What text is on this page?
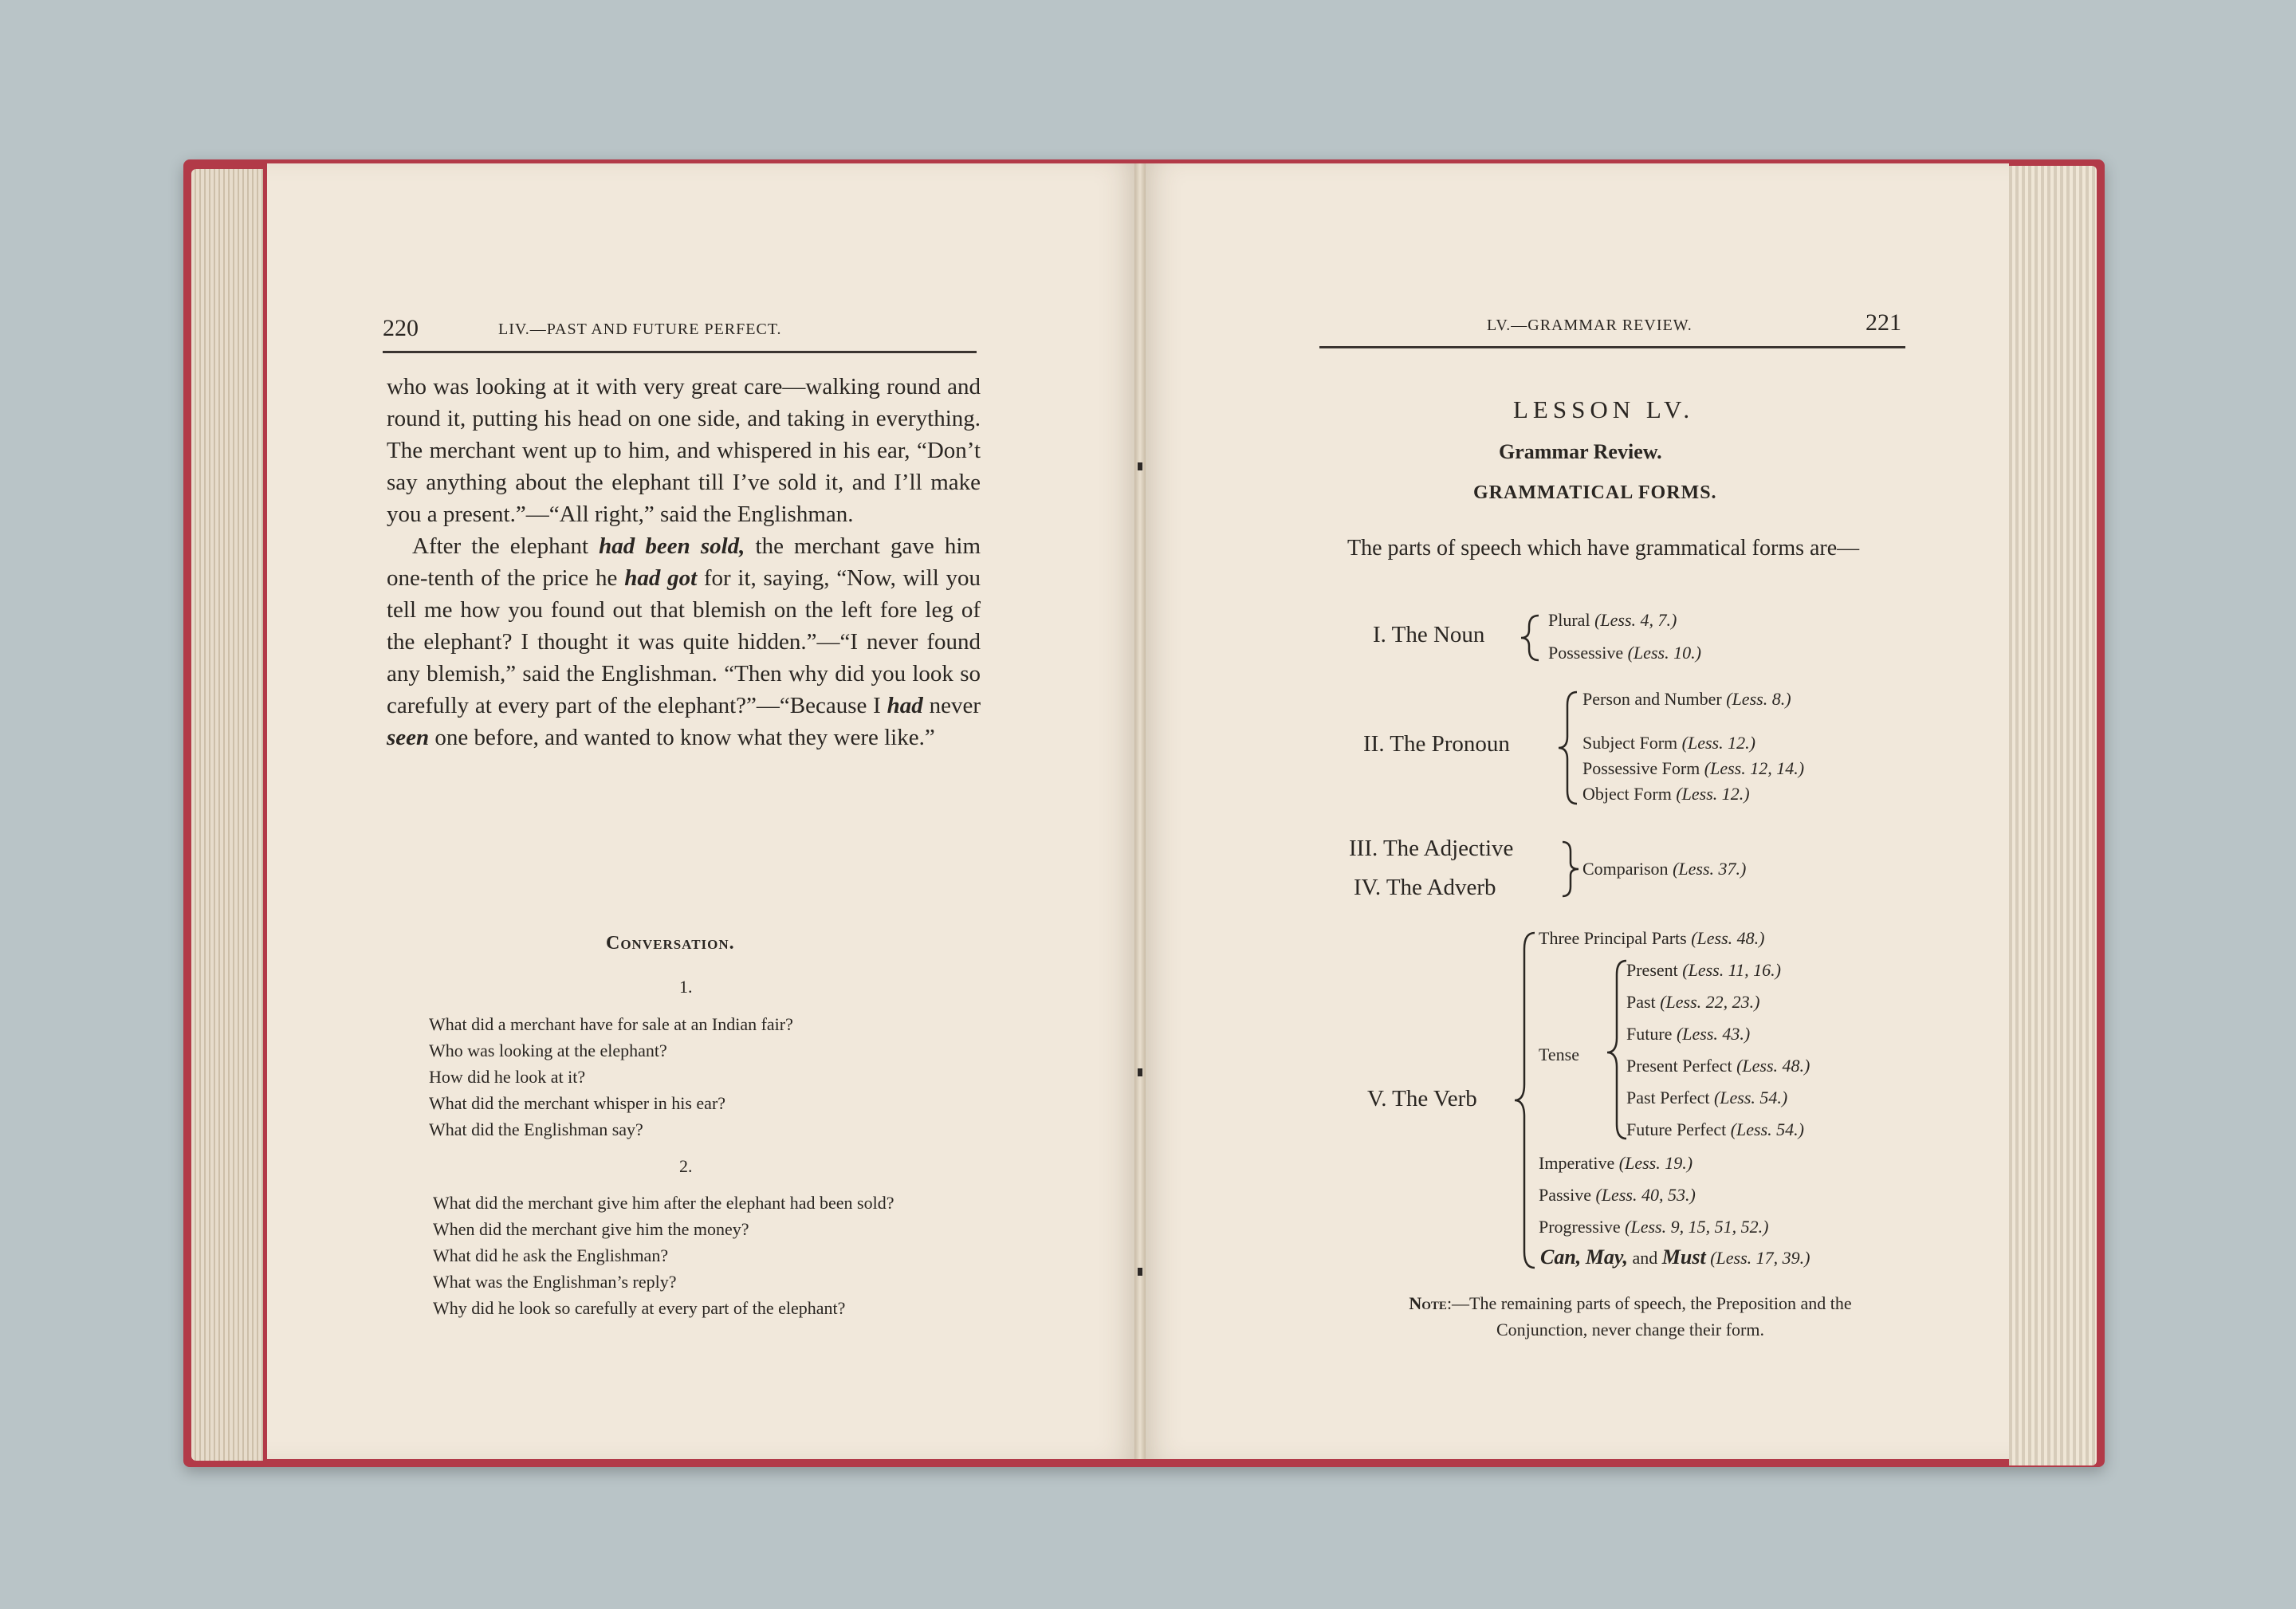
220	LIV.—PAST AND FUTURE PERFECT.

who was looking at it with very great care—walking round and round it, putting his head on one side, and taking in everything. The merchant went up to him, and whispered in his ear, “Don’t say anything about the elephant till I’ve sold it, and I’ll make you a present.”—“All right,” said the Englishman.

After the elephant had been sold, the merchant gave him one-tenth of the price he had got for it, saying, “Now, will you tell me how you found out that blemish on the left fore leg of the elephant? I thought it was quite hidden.”—“I never found any blemish,” said the Englishman. “Then why did you look so carefully at every part of the elephant?”—“Because I had never seen one before, and wanted to know what they were like.”

Conversation.
1.
What did a merchant have for sale at an Indian fair?
Who was looking at the elephant?
How did he look at it?
What did the merchant whisper in his ear?
What did the Englishman say?
2.
What did the merchant give him after the elephant had been sold?
When did the merchant give him the money?
What did he ask the Englishman?
What was the Englishman’s reply?
Why did he look so carefully at every part of the elephant?
LV.—GRAMMAR REVIEW.	221
LESSON LV.
Grammar Review.
GRAMMATICAL FORMS.
The parts of speech which have grammatical forms are—
I. The Noun
Plural (Less. 4, 7.)
Possessive (Less. 10.)
II. The Pronoun
Person and Number (Less. 8.)
Subject Form (Less. 12.)
Possessive Form (Less. 12, 14.)
Object Form (Less. 12.)
III. The Adjective
IV. The Adverb
Comparison (Less. 37.)
V. The Verb
Three Principal Parts (Less. 48.)
Tense
Present (Less. 11, 16.)
Past (Less. 22, 23.)
Future (Less. 43.)
Present Perfect (Less. 48.)
Past Perfect (Less. 54.)
Future Perfect (Less. 54.)
Imperative (Less. 19.)
Passive (Less. 40, 53.)
Progressive (Less. 9, 15, 51, 52.)
Can, May, and Must (Less. 17, 39.)
Note:—The remaining parts of speech, the Preposition and the Conjunction, never change their form.
